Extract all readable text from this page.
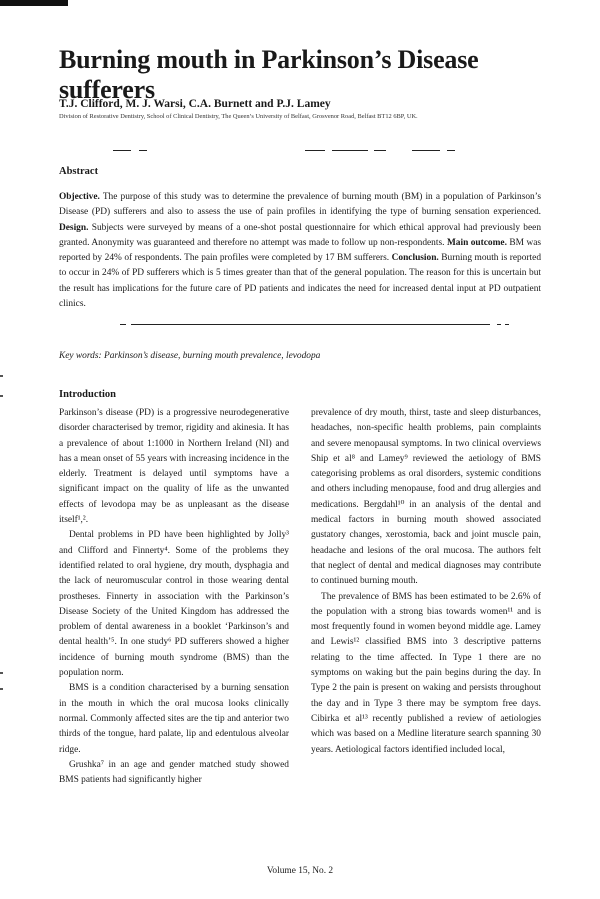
Burning mouth in Parkinson’s Disease sufferers

T.J. Clifford, M. J. Warsi, C.A. Burnett and P.J. Lamey

Division of Restorative Dentistry, School of Clinical Dentistry, The Queen’s University of Belfast, Grosvenor Road, Belfast BT12 6BP, UK.

Abstract

Objective. The purpose of this study was to determine the prevalence of burning mouth (BM) in a population of Parkinson’s Disease (PD) sufferers and also to assess the use of pain profiles in identifying the type of burning sensation experienced. Design. Subjects were surveyed by means of a one-shot postal questionnaire for which ethical approval had previously been granted. Anonymity was guaranteed and therefore no attempt was made to follow up non-respondents. Main outcome. BM was reported by 24% of respondents. The pain profiles were completed by 17 BM sufferers. Conclusion. Burning mouth is reported to occur in 24% of PD sufferers which is 5 times greater than that of the general population. The reason for this is uncertain but the result has implications for the future care of PD patients and indicates the need for increased dental input at PD outpatient clinics.

Key words: Parkinson’s disease, burning mouth prevalence, levodopa

Introduction

Parkinson’s disease (PD) is a progressive neurodegenerative disorder characterised by tremor, rigidity and akinesia. It has a prevalence of about 1:1000 in Northern Ireland (NI) and has a mean onset of 55 years with increasing incidence in the elderly. Treatment is delayed until symptoms have a significant impact on the quality of life as the unwanted effects of levodopa may be as unpleasant as the disease itself¹,².

Dental problems in PD have been highlighted by Jolly³ and Clifford and Finnerty⁴. Some of the problems they identified related to oral hygiene, dry mouth, dysphagia and the lack of neuromuscular control in those wearing dental prostheses. Finnerty in association with the Parkinson’s Disease Society of the United Kingdom has addressed the problem of dental awareness in a booklet ‘Parkinson’s and dental health’⁵. In one study⁶ PD sufferers showed a higher incidence of burning mouth syndrome (BMS) than the population norm.

BMS is a condition characterised by a burning sensation in the mouth in which the oral mucosa looks clinically normal. Commonly affected sites are the tip and anterior two thirds of the tongue, hard palate, lip and edentulous alveolar ridge.

Grushka⁷ in an age and gender matched study showed BMS patients had significantly higher

prevalence of dry mouth, thirst, taste and sleep disturbances, headaches, non-specific health problems, pain complaints and severe menopausal symptoms. In two clinical overviews Ship et al⁸ and Lamey⁹ reviewed the aetiology of BMS categorising problems as oral disorders, systemic conditions and others including menopause, food and drug allergies and medications. Bergdahl¹⁰ in an analysis of the dental and medical factors in burning mouth showed associated gustatory changes, xerostomia, back and joint muscle pain, headache and lesions of the oral mucosa. The authors felt that neglect of dental and medical diagnoses may contribute to continued burning mouth.

The prevalence of BMS has been estimated to be 2.6% of the population with a strong bias towards women¹¹ and is most frequently found in women beyond middle age. Lamey and Lewis¹² classified BMS into 3 descriptive patterns relating to the time affected. In Type 1 there are no symptoms on waking but the pain begins during the day. In Type 2 the pain is present on waking and persists throughout the day and in Type 3 there may be symptom free days. Cibirka et al¹³ recently published a review of aetiologies which was based on a Medline literature search spanning 30 years. Aetiological factors identified included local,

Volume 15, No. 2
